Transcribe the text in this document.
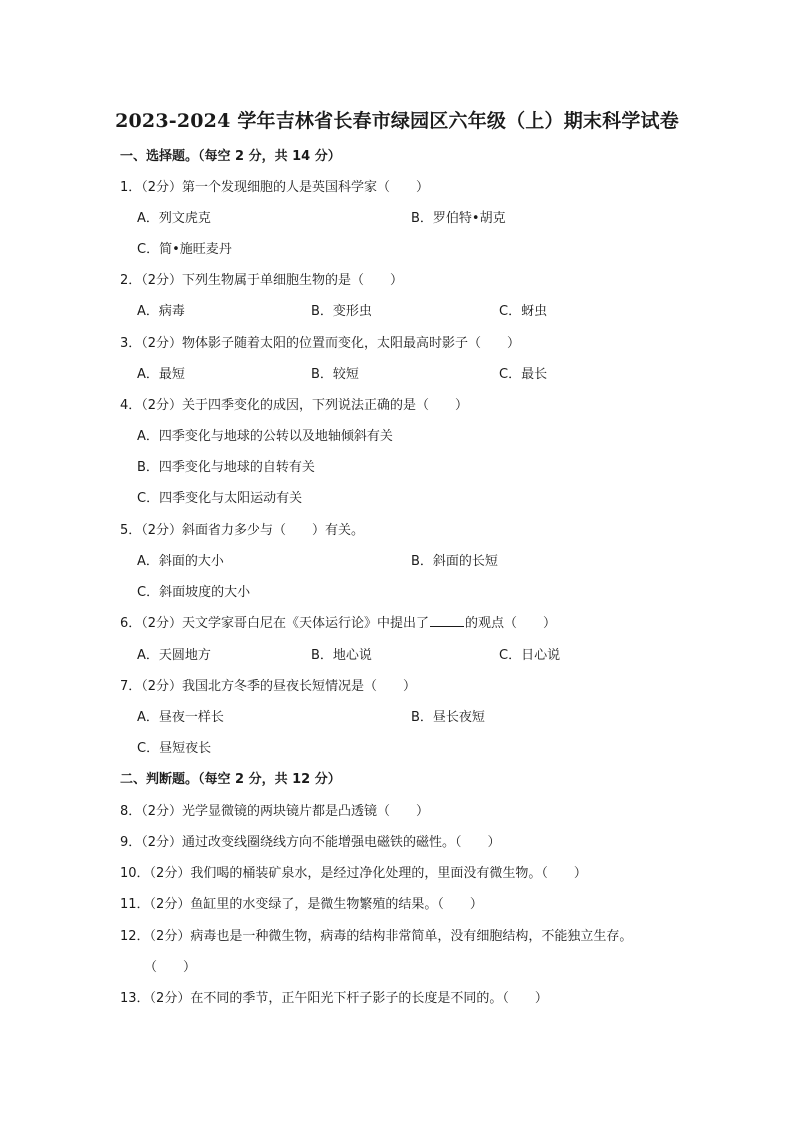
2023-2024 学年吉林省长春市绿园区六年级（上）期末科学试卷
一、选择题。（每空 2 分，共 14 分）
1．（2分）第一个发现细胞的人是英国科学家（　　）
A．列文虎克	B．罗伯特•胡克
C．简•施旺麦丹
2．（2分）下列生物属于单细胞生物的是（　　）
A．病毒	B．变形虫	C．蚜虫
3．（2分）物体影子随着太阳的位置而变化，太阳最高时影子（　　）
A．最短	B．较短	C．最长
4．（2分）关于四季变化的成因，下列说法正确的是（　　）
A．四季变化与地球的公转以及地轴倾斜有关
B．四季变化与地球的自转有关
C．四季变化与太阳运动有关
5．（2分）斜面省力多少与（　　）有关。
A．斜面的大小	B．斜面的长短
C．斜面坡度的大小
6．（2分）天文学家哥白尼在《天体运行论》中提出了	的观点（　　）
A．天圆地方	B．地心说	C．日心说
7．（2分）我国北方冬季的昼夜长短情况是（　　）
A．昼夜一样长	B．昼长夜短
C．昼短夜长
二、判断题。（每空 2 分，共 12 分）
8．（2分）光学显微镜的两块镜片都是凸透镜（　　）
9．（2分）通过改变线圈绕线方向不能增强电磁铁的磁性。（　　）
10．（2分）我们喝的桶装矿泉水，是经过净化处理的，里面没有微生物。（　　）
11．（2分）鱼缸里的水变绿了，是微生物繁殖的结果。（　　）
12．（2分）病毒也是一种微生物，病毒的结构非常简单，没有细胞结构，不能独立生存。
（　　）
13．（2分）在不同的季节，正午阳光下杆子影子的长度是不同的。（　　）
